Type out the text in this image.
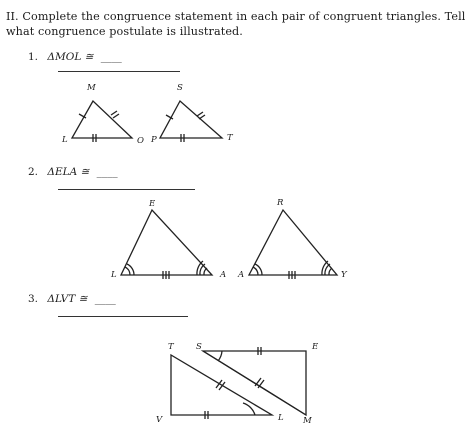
II. Complete the congruence statement in each pair of congruent triangles. Tell
what congruence postulate is illustrated.
1. ΔMOL ≅ ____
2. ΔELA ≅ ____
3. ΔLVT ≅ ____
M
L	O
S
P	T
E
L	A
R
A	Y
T	S	E
V	L M
